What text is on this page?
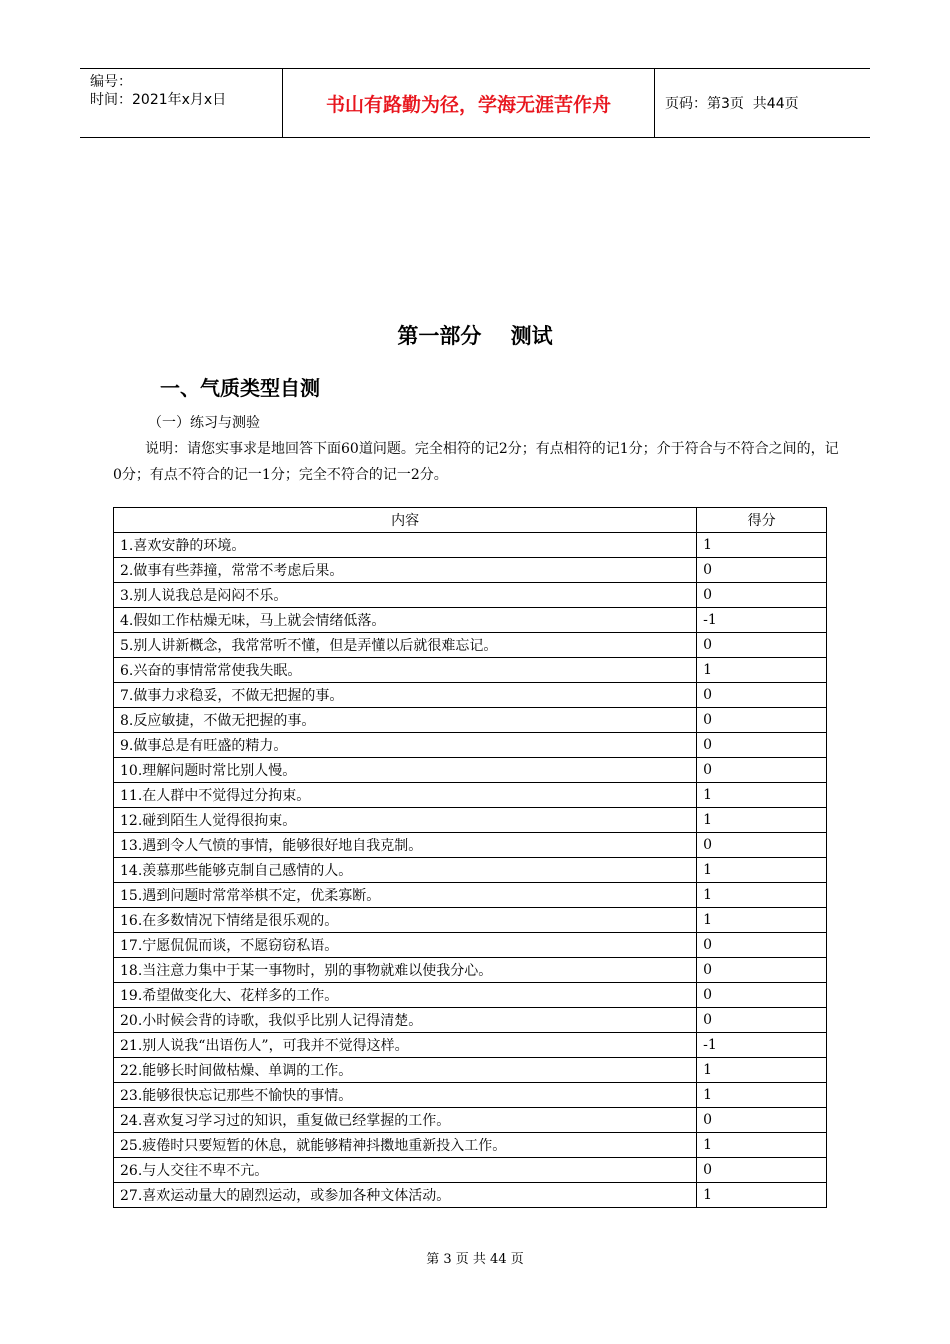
编号：
时间：2021年x月x日	书山有路勤为径，学海无涯苦作舟	页码：第3页  共44页
第一部分    测试
一、气质类型自测
（一）练习与测验
说明：请您实事求是地回答下面60道问题。完全相符的记2分；有点相符的记1分；介于符合与不符合之间的，记0分；有点不符合的记一1分；完全不符合的记一2分。
内容	得分
1.喜欢安静的环境。	1
2.做事有些莽撞，常常不考虑后果。	0
3.别人说我总是闷闷不乐。	0
4.假如工作枯燥无味，马上就会情绪低落。	-1
5.别人讲新概念，我常常听不懂，但是弄懂以后就很难忘记。	0
6.兴奋的事情常常使我失眠。	1
7.做事力求稳妥，不做无把握的事。	0
8.反应敏捷，不做无把握的事。	0
9.做事总是有旺盛的精力。	0
10.理解问题时常比别人慢。	0
11.在人群中不觉得过分拘束。	1
12.碰到陌生人觉得很拘束。	1
13.遇到令人气愤的事情，能够很好地自我克制。	0
14.羡慕那些能够克制自己感情的人。	1
15.遇到问题时常常举棋不定，优柔寡断。	1
16.在多数情况下情绪是很乐观的。	1
17.宁愿侃侃而谈，不愿窃窃私语。	0
18.当注意力集中于某一事物时，别的事物就难以使我分心。	0
19.希望做变化大、花样多的工作。	0
20.小时候会背的诗歌，我似乎比别人记得清楚。	0
21.别人说我“出语伤人”，可我并不觉得这样。	-1
22.能够长时间做枯燥、单调的工作。	1
23.能够很快忘记那些不愉快的事情。	1
24.喜欢复习学习过的知识，重复做已经掌握的工作。	0
25.疲倦时只要短暂的休息，就能够精神抖擞地重新投入工作。	1
26.与人交往不卑不亢。	0
27.喜欢运动量大的剧烈运动，或参加各种文体活动。	1
第 3 页 共 44 页
